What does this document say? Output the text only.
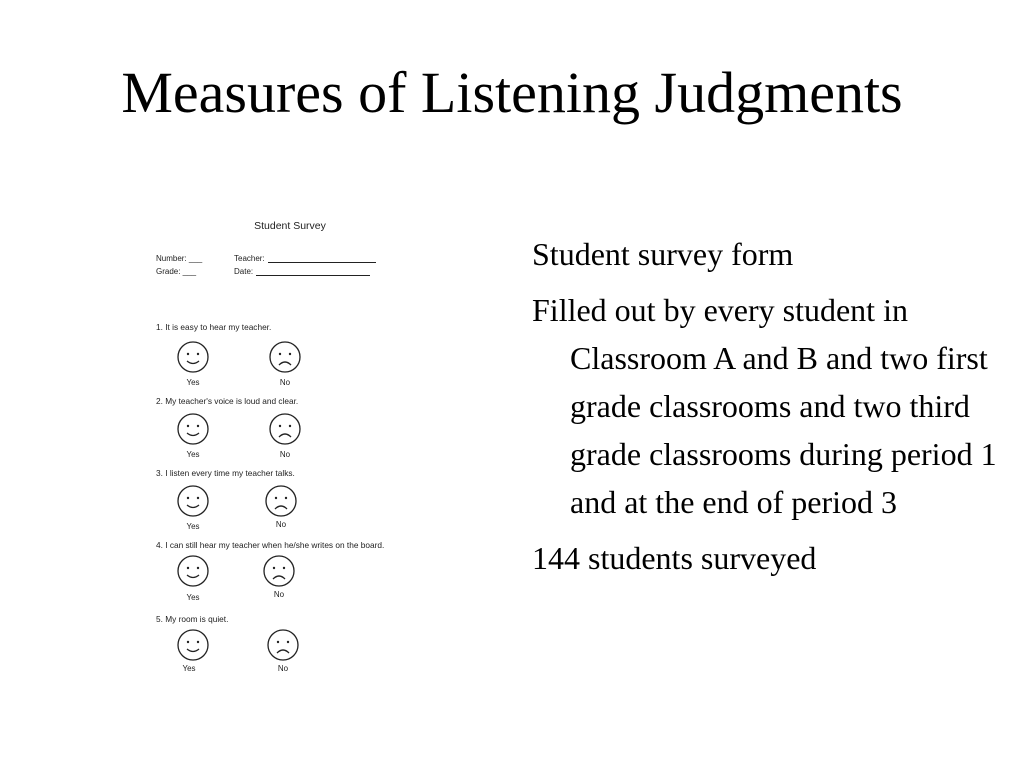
Measures of Listening Judgments
Student Survey
Number: ___
Grade: ___
Teacher:
Date:
1. It is easy to hear my teacher.
Yes	No
2. My teacher's voice is loud and clear.
Yes	No
3. I listen every time my teacher talks.
Yes	No
4. I can still hear my teacher when he/she writes on the board.
Yes	No
5. My room is quiet.
Yes	No

Student survey form

Filled out by every student in Classroom A and B and two first grade classrooms and two third grade classrooms during period 1 and at the end of period 3

144 students surveyed
